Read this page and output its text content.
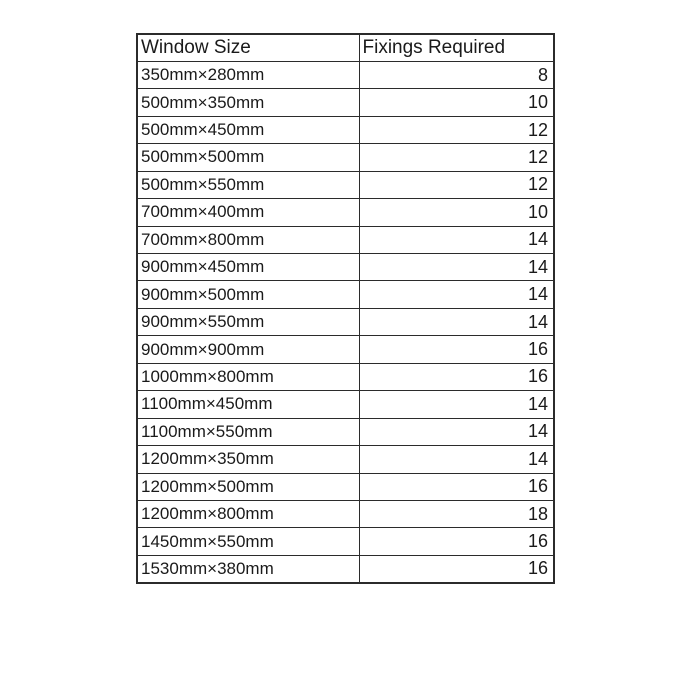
Window Size	Fixings Required
350mm×280mm	8
500mm×350mm	10
500mm×450mm	12
500mm×500mm	12
500mm×550mm	12
700mm×400mm	10
700mm×800mm	14
900mm×450mm	14
900mm×500mm	14
900mm×550mm	14
900mm×900mm	16
1000mm×800mm	16
1100mm×450mm	14
1100mm×550mm	14
1200mm×350mm	14
1200mm×500mm	16
1200mm×800mm	18
1450mm×550mm	16
1530mm×380mm	16
